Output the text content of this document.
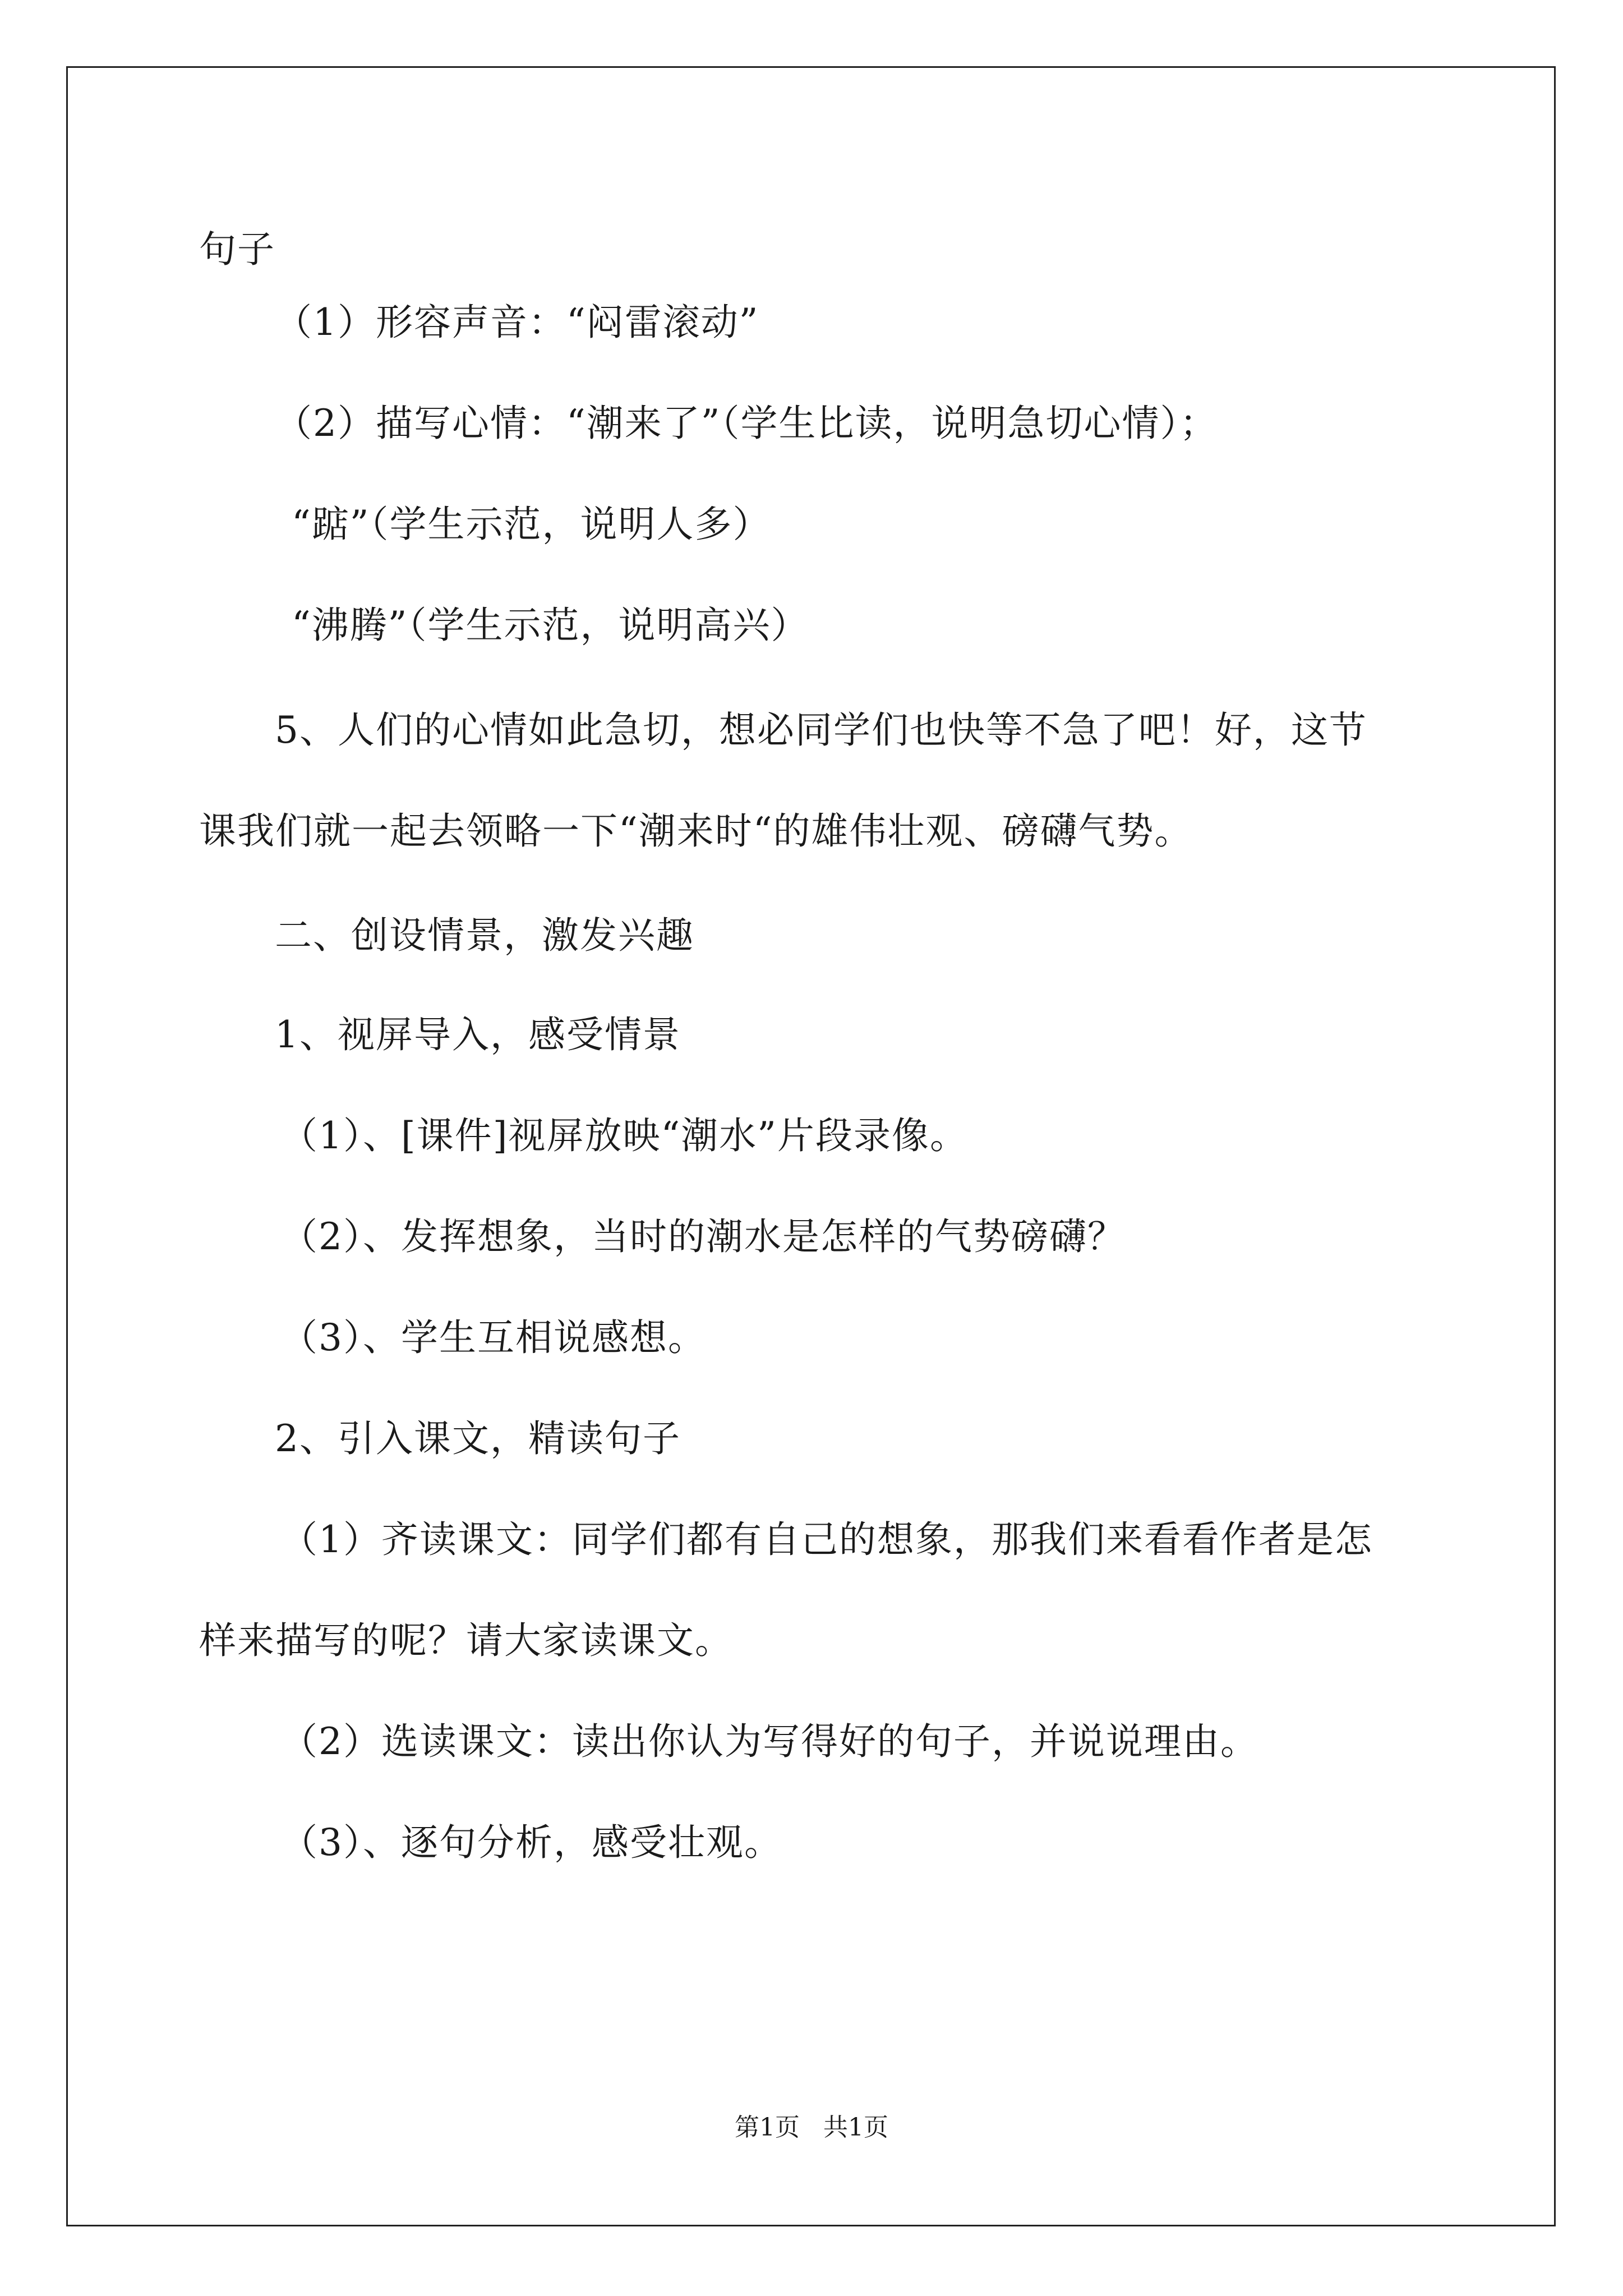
句子
（1）形容声音：“闷雷滚动”
（2）描写心情：“潮来了”（学生比读，说明急切心情）；
“踮”（学生示范，说明人多）
“沸腾”（学生示范，说明高兴）
5、人们的心情如此急切，想必同学们也快等不急了吧！好，这节
课我们就一起去领略一下“潮来时“的雄伟壮观、磅礴气势。
二、创设情景，激发兴趣
1、视屏导入，感受情景
（1）、[课件]视屏放映“潮水”片段录像。
（2）、发挥想象，当时的潮水是怎样的气势磅礴？
（3）、学生互相说感想。
2、引入课文，精读句子
（1）齐读课文：同学们都有自己的想象，那我们来看看作者是怎
样来描写的呢？请大家读课文。
（2）选读课文：读出你认为写得好的句子，并说说理由。
（3）、逐句分析，感受壮观。
第1页   共1页
